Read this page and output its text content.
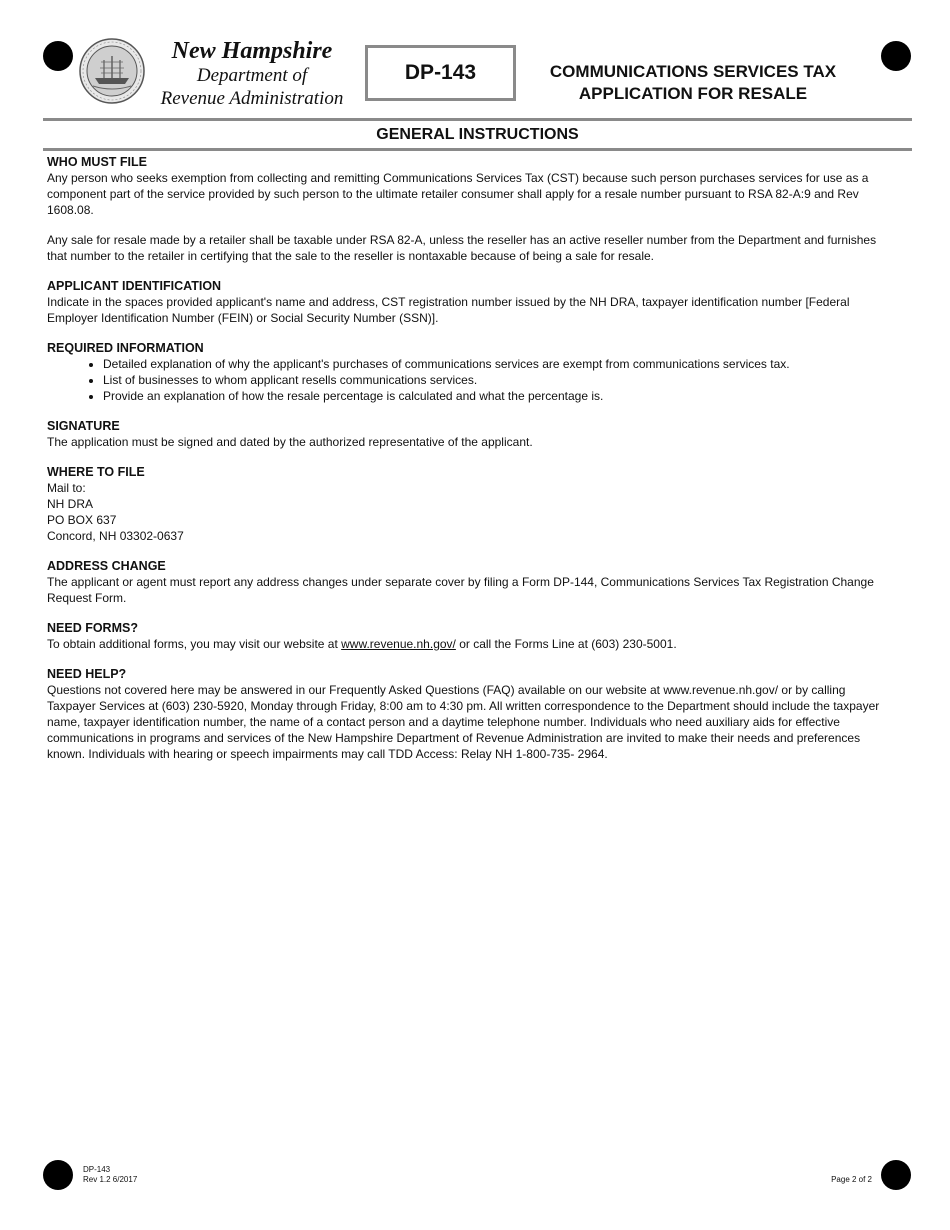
New Hampshire
Department of
Revenue Administration
DP-143	COMMUNICATIONS SERVICES TAX
APPLICATION FOR RESALE
GENERAL INSTRUCTIONS
WHO MUST FILE

Any person who seeks exemption from collecting and remitting Communications Services Tax (CST) because such person purchases services for use as a component part of the service provided by such person to the ultimate retailer consumer shall apply for a resale number pursuant to RSA 82-A:9 and Rev 1608.08.

Any sale for resale made by a retailer shall be taxable under RSA 82-A, unless the reseller has an active reseller number from the Department and furnishes that number to the retailer in certifying that the sale to the reseller is nontaxable because of being a sale for resale.

APPLICANT IDENTIFICATION

Indicate in the spaces provided applicant's name and address, CST registration number issued by the NH DRA, taxpayer identification number [Federal Employer Identification Number (FEIN) or Social Security Number (SSN)].

REQUIRED INFORMATION
• Detailed explanation of why the applicant's purchases of communications services are exempt from communications services tax.
• List of businesses to whom applicant resells communications services.
• Provide an explanation of how the resale percentage is calculated and what the percentage is.
SIGNATURE

The application must be signed and dated by the authorized representative of the applicant.

WHERE TO FILE

Mail to:

NH DRA

PO BOX 637

Concord, NH 03302-0637

ADDRESS CHANGE

The applicant or agent must report any address changes under separate cover by filing a Form DP-144, Communications Services Tax Registration Change Request Form.

NEED FORMS?

To obtain additional forms, you may visit our website at www.revenue.nh.gov/ or call the Forms Line at (603) 230-5001.

NEED HELP?

Questions not covered here may be answered in our Frequently Asked Questions (FAQ) available on our website at www.revenue.nh.gov/ or by calling Taxpayer Services at (603) 230-5920, Monday through Friday, 8:00 am to 4:30 pm. All written correspondence to the Department should include the taxpayer name, taxpayer identification number, the name of a contact person and a daytime telephone number. Individuals who need auxiliary aids for effective communications in programs and services of the New Hampshire Department of Revenue Administration are invited to make their needs and preferences known. Individuals with hearing or speech impairments may call TDD Access: Relay NH 1-800-735- 2964.

DP-143
Rev 1.2 6/2017	Page 2 of 2
